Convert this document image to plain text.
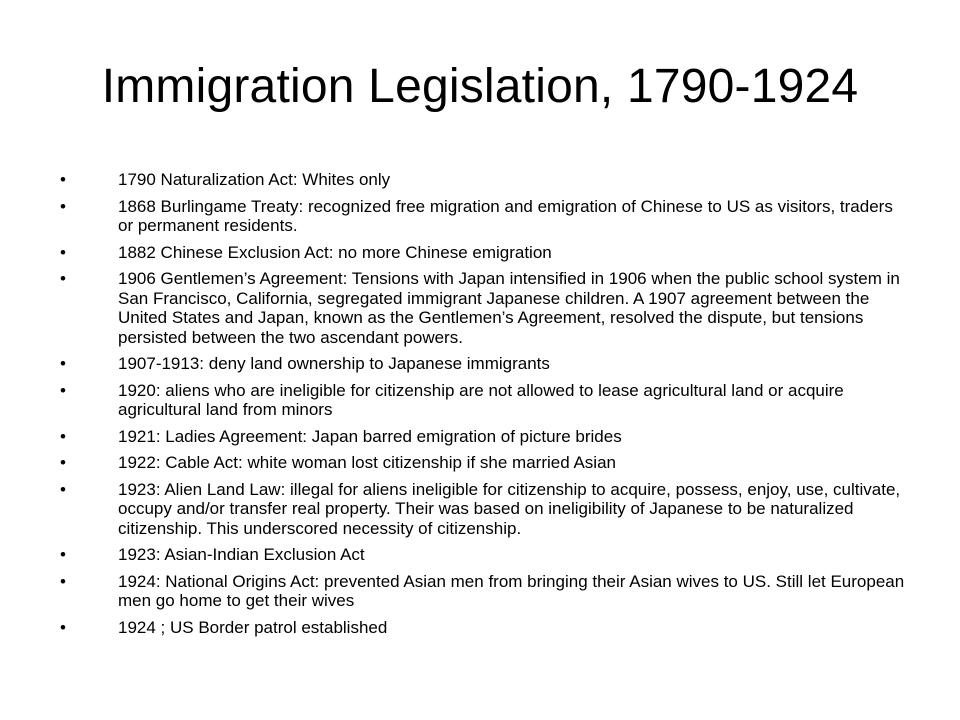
Immigration Legislation, 1790-1924
•	1790 Naturalization Act: Whites only
•	1868 Burlingame Treaty: recognized free migration and emigration of Chinese to US as visitors, traders or permanent residents.
•	1882 Chinese Exclusion Act: no more Chinese emigration
•	1906 Gentlemen’s Agreement: Tensions with Japan intensified in 1906 when the public school system in San Francisco, California, segregated immigrant Japanese children. A 1907 agreement between the United States and Japan, known as the Gentlemen’s Agreement, resolved the dispute, but tensions persisted between the two ascendant powers.
•	1907-1913: deny land ownership to Japanese immigrants
•	1920: aliens who are ineligible for citizenship are not allowed to lease agricultural land or acquire agricultural land from minors
•	1921: Ladies Agreement: Japan barred emigration of picture brides
•	1922: Cable Act: white woman lost citizenship if she married Asian
•	1923: Alien Land Law: illegal for aliens ineligible for citizenship to acquire, possess, enjoy, use, cultivate, occupy and/or transfer real property. Their was based on ineligibility of Japanese to be naturalized citizenship. This underscored necessity of citizenship.
•	1923: Asian-Indian Exclusion Act
•	1924: National Origins Act: prevented Asian men from bringing their Asian wives to US. Still let European men go home to get their wives
•	1924 ; US Border patrol established
